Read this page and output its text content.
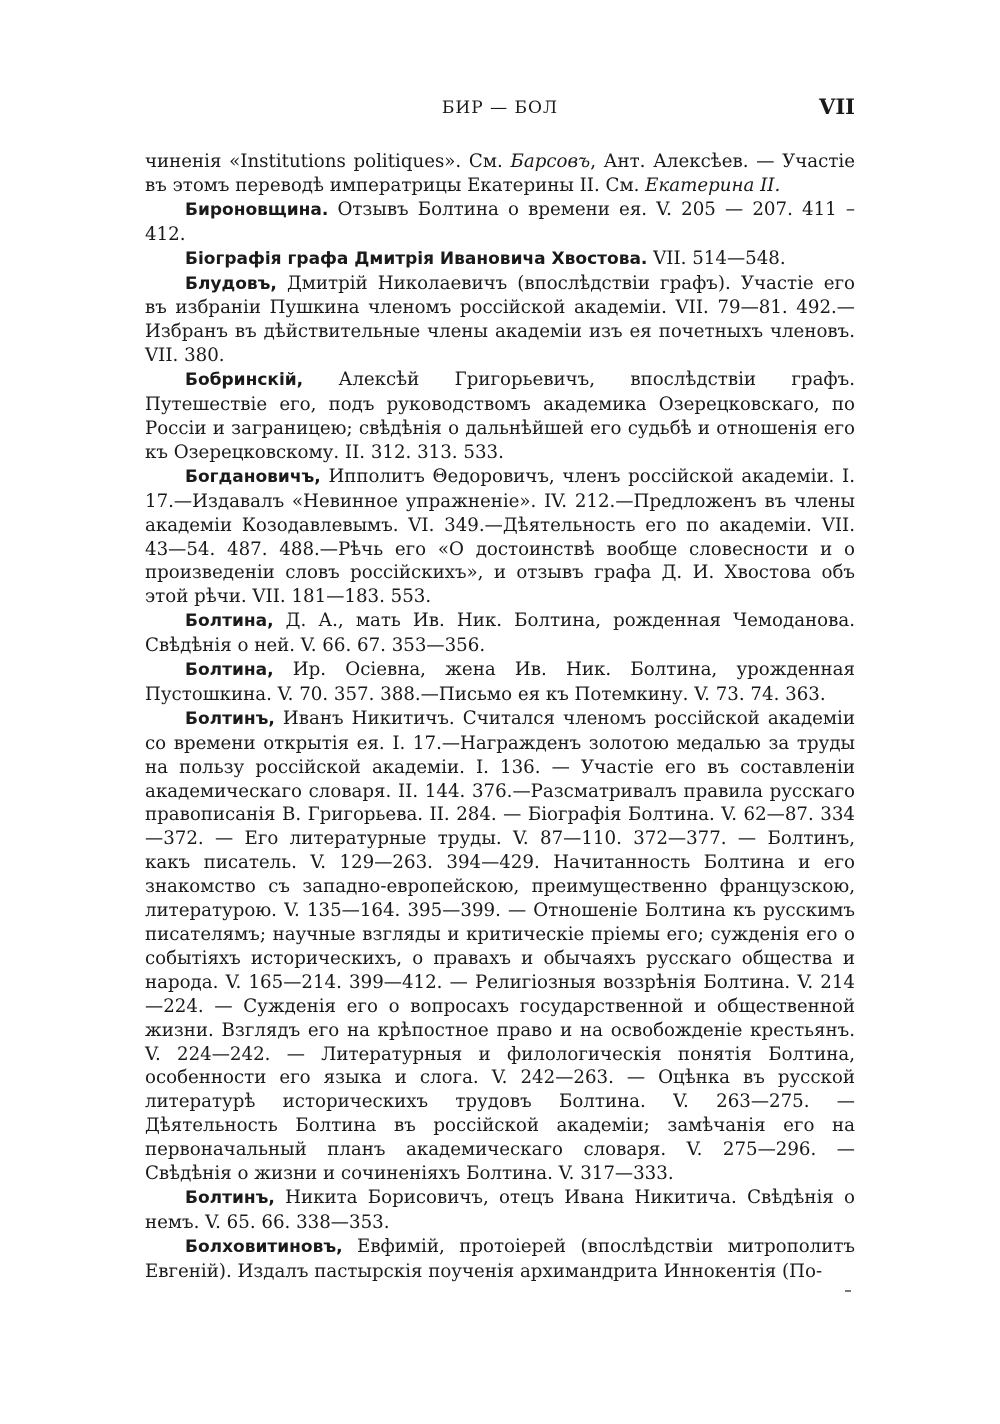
БИР — БОЛ	VII

чиненія «Institutions politiques». См. Барсовъ, Ант. Алексѣев. — Участіе въ этомъ переводѣ императрицы Екатерины II. См. Екатерина II.

Бироновщина. Отзывъ Болтина о времени ея. V. 205 — 207. 411 – 412.

Біографія графа Дмитрія Ивановича Хвостова. VII. 514—548.

Блудовъ, Дмитрій Николаевичъ (впослѣдствіи графъ). Участіе его въ избраніи Пушкина членомъ россійской академіи. VII. 79—81. 492.—Избранъ въ дѣйствительные члены академіи изъ ея почетныхъ членовъ. VII. 380.

Бобринскій, Алексѣй Григорьевичъ, впослѣдствіи графъ. Путешествіе его, подъ руководствомъ академика Озерецковскаго, по Россіи и заграницею; свѣдѣнія о дальнѣйшей его судьбѣ и отношенія его къ Озерецковскому. II. 312. 313. 533.

Богдановичъ, Ипполитъ Θедоровичъ, членъ россійской академіи. I. 17.—Издавалъ «Невинное упражненіе». IV. 212.—Предложенъ въ члены академіи Козодавлевымъ. VI. 349.—Дѣятельность его по академіи. VII. 43—54. 487. 488.—Рѣчь его «О достоинствѣ вообще словесности и о произведеніи словъ россійскихъ», и отзывъ графа Д. И. Хвостова объ этой рѣчи. VII. 181—183. 553.

Болтина, Д. А., мать Ив. Ник. Болтина, рожденная Чемоданова. Свѣдѣнія о ней. V. 66. 67. 353—356.

Болтина, Ир. Осіевна, жена Ив. Ник. Болтина, урожденная Пустошкина. V. 70. 357. 388.—Письмо ея къ Потемкину. V. 73. 74. 363.

Болтинъ, Иванъ Никитичъ. Считался членомъ россійской академіи со времени открытія ея. I. 17.—Награжденъ золотою медалью за труды на пользу россійской академіи. I. 136. — Участіе его въ составленіи академическаго словаря. II. 144. 376.—Разсматривалъ правила русскаго правописанія В. Григорьева. II. 284. — Біографія Болтина. V. 62—87. 334—372. — Его литературные труды. V. 87—110. 372—377. — Болтинъ, какъ писатель. V. 129—263. 394—429. Начитанность Болтина и его знакомство съ западно-европейскою, преимущественно французскою, литературою. V. 135—164. 395—399. — Отношеніе Болтина къ русскимъ писателямъ; научные взгляды и критическіе пріемы его; сужденія его о событіяхъ историческихъ, о правахъ и обычаяхъ русскаго общества и народа. V. 165—214. 399—412. — Религіозныя воззрѣнія Болтина. V. 214—224. — Сужденія его о вопросахъ государственной и общественной жизни. Взглядъ его на крѣпостное право и на освобожденіе крестьянъ. V. 224—242. — Литературныя и филологическія понятія Болтина, особенности его языка и слога. V. 242—263. — Оцѣнка въ русской литературѣ историческихъ трудовъ Болтина. V. 263—275. — Дѣятельность Болтина въ россійской академіи; замѣчанія его на первоначальный планъ академическаго словаря. V. 275—296. — Свѣдѣнія о жизни и сочиненіяхъ Болтина. V. 317—333.

Болтинъ, Никита Борисовичъ, отецъ Ивана Никитича. Свѣдѣнія о немъ. V. 65. 66. 338—353.

Болховитиновъ, Евфимій, протоіерей (впослѣдствіи митрополитъ Евгеній). Издалъ пастырскія поученія архимандрита Иннокентія (По-
